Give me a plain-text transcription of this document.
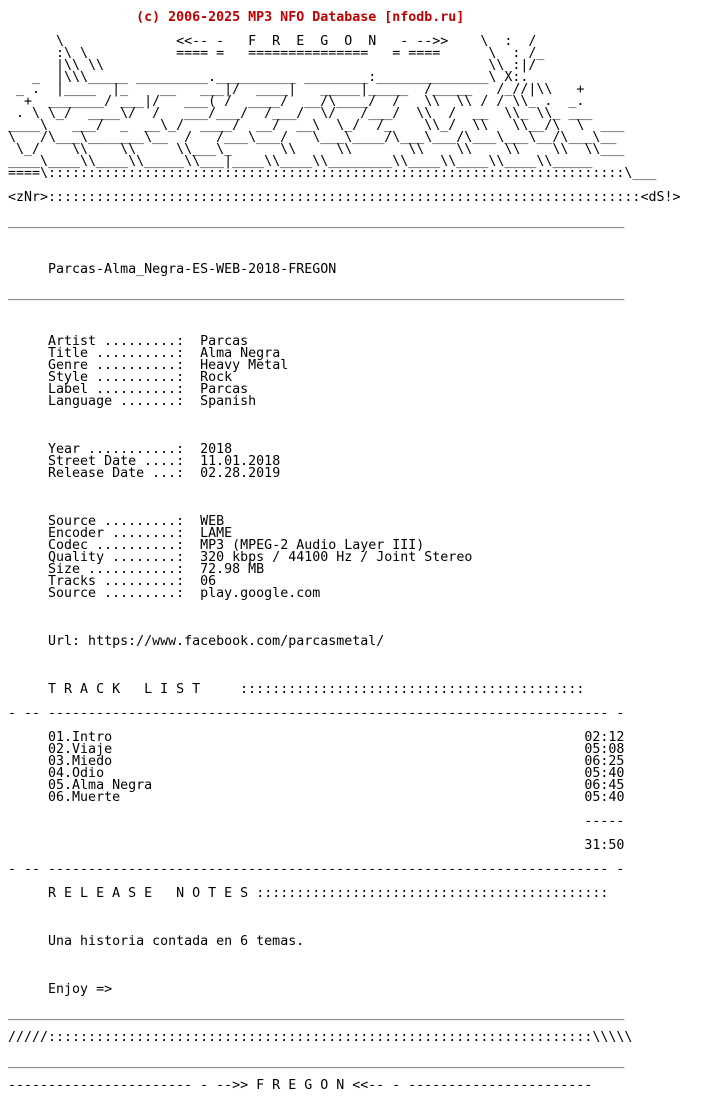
(c) 2006-2025 MP3 NFO Database [nfodb.ru]

\              <<-- -   F  R  E  G  O  N   - -->>    \  :  /
:\ \           ==== =   ===============   = ====      \  : /_
|\\ \\                                                \\ :|/
_  |\\\_____ _________.__________ ________:______________\ X:.
_ .  |____  |_    __   ___|/  ____|   _____|_____  /_____   /_//|\\   +
+  _______/ ___|/   ___( /  ____/  __/\____/  /   \\  \\ / / \\_ .  _.
. \ \_/  ____\/  /   ___/___/  /___/  \/   /___/  \\  /  __  \\_ \\_ ___
____\   ___/  _  __\_/  ____/  __/  __\  \_/  /_    \\_/  \\   \\__/\  \  ___
\   /\___\_______\__  /   /___\___/   \___\____/\___\___/\___\___\__/\___\__
\_/    \\    \\     \\___\_      \\     \\       \\    \\    \\    \\  \\___
____\____\\____\\_____\\___|____\\____\\________\\____\\____\\____\\_____
====\::::::::::::::::::::::::::::::::::::::::::::::::::::::::::::::::::::::::\___

<zNr>::::::::::::::::::::::::::::::::::::::::::::::::::::::::::::::::::::::::::<dS!>

_____________________________________________________________________________

Parcas-Alma_Negra-ES-WEB-2018-FREGON

_____________________________________________________________________________

Artist .........: Parcas
Title ..........: Alma Negra
Genre ..........: Heavy Metal
Style ..........: Rock
Label ..........: Parcas
Language .......: Spanish

Year ...........: 2018
Street Date ....: 11.01.2018
Release Date ...: 02.28.2019

Source .........: WEB
Encoder ........: LAME
Codec ..........: MP3 (MPEG-2 Audio Layer III)
Quality ........: 320 kbps / 44100 Hz / Joint Stereo
Size ...........: 72.98 MB
Tracks .........: 06
Source .........: play.google.com

Url: https://www.facebook.com/parcasmetal/

T R A C K   L I S T	:::::::::::::::::::::::::::::::::::::::::::

- -- ---------------------------------------------------------------------- -

01.Intro	02:12
02.Viaje	05:08
03.Miedo	06:25
04.Odio	05:40
05.Alma Negra	06:45
06.Muerte	05:40

-----

31:50

- -- ---------------------------------------------------------------------- -

R E L E A S E   N O T E S ::::::::::::::::::::::::::::::::::::::::::::

Una historia contada en 6 temas.

Enjoy =>

_____________________________________________________________________________

/////::::::::::::::::::::::::::::::::::::::::::::::::::::::::::::::::::::\\\\\

_____________________________________________________________________________

----------------------- - -->> F R E G O N <<-- - -----------------------
